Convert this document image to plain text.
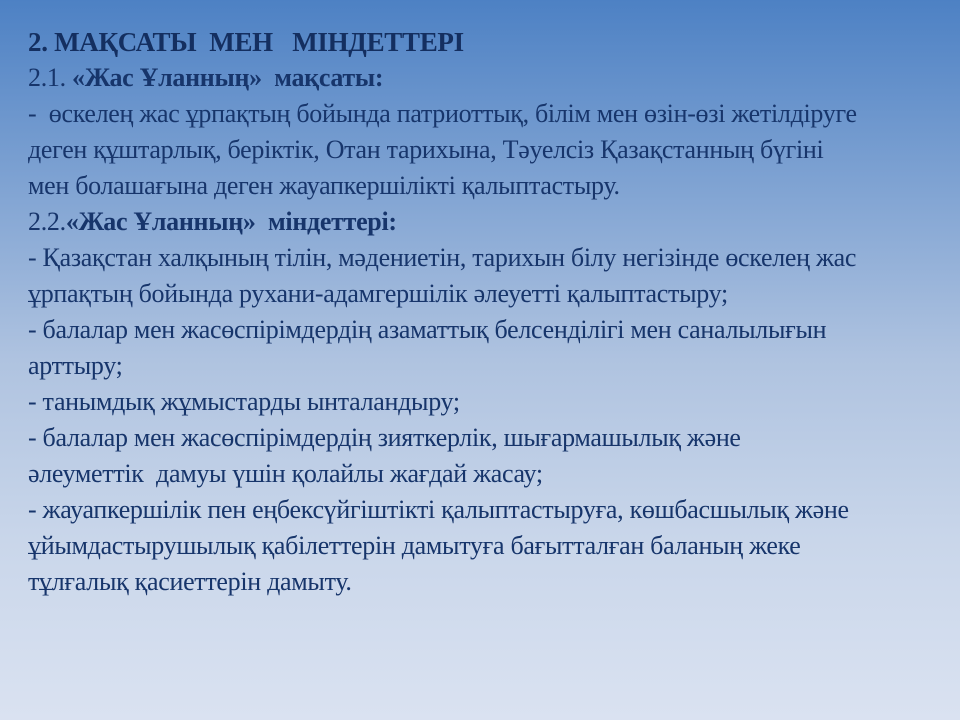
2. МАҚСАТЫ  МЕН   МІНДЕТТЕРІ
2.1. «Жас Ұланның»  мақсаты:
-  өскелең жас ұрпақтың бойында патриоттық, білім мен өзін-өзі жетілдіруге
деген құштарлық, беріктік, Отан тарихына, Тәуелсіз Қазақстанның бүгіні
мен болашағына деген жауапкершілікті қалыптастыру.
2.2.«Жас Ұланның»  міндеттері:
- Қазақстан халқының тілін, мәдениетін, тарихын білу негізінде өскелең жас
ұрпақтың бойында рухани-адамгершілік әлеуетті қалыптастыру;
- балалар мен жасөспірімдердің азаматтық белсенділігі мен саналылығын
арттыру;
- танымдық жұмыстарды ынталандыру;
- балалар мен жасөспірімдердің зияткерлік, шығармашылық және
әлеуметтік  дамуы үшін қолайлы жағдай жасау;
- жауапкершілік пен еңбексүйгіштікті қалыптастыруға, көшбасшылық және
ұйымдастырушылық қабілеттерін дамытуға бағытталған баланың жеке
тұлғалық қасиеттерін дамыту.
